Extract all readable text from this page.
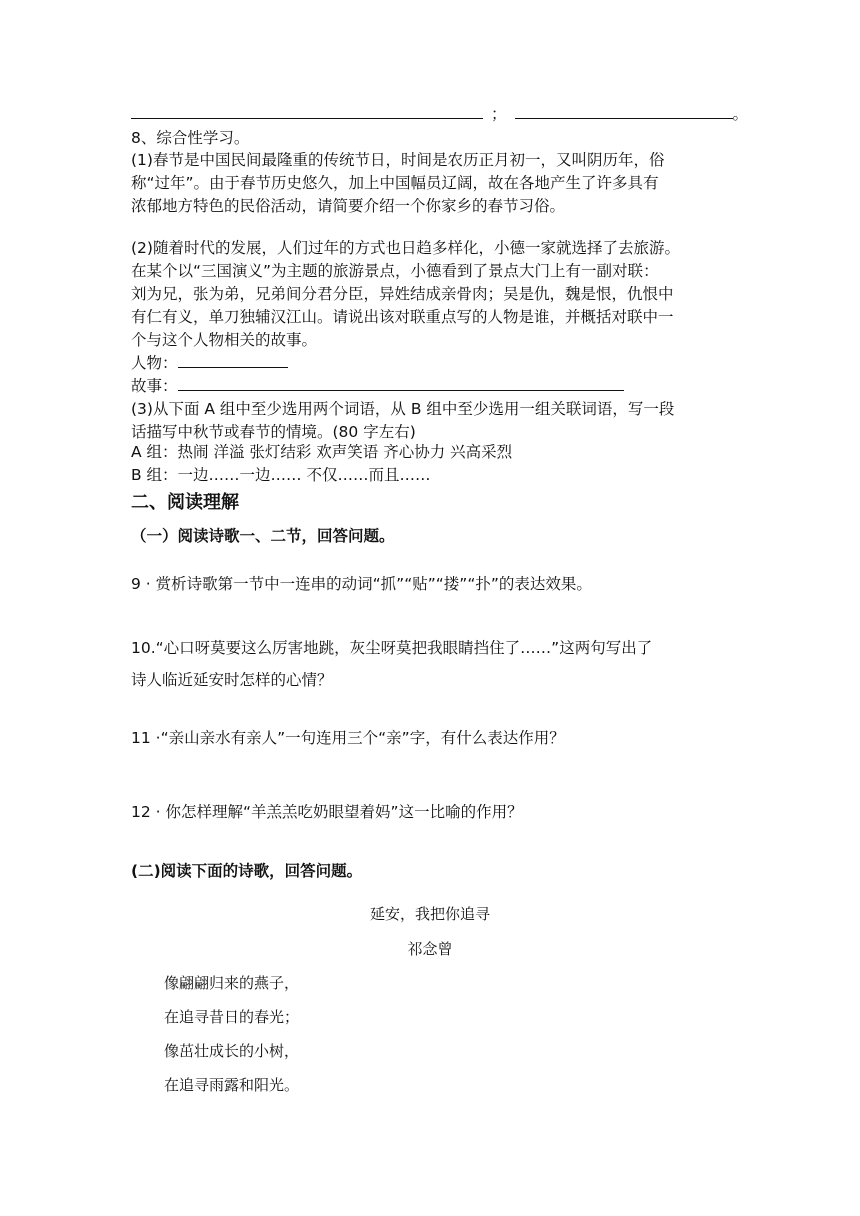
；	。
8、综合性学习。
(1)春节是中国民间最隆重的传统节日，时间是农历正月初一，又叫阴历年，俗
称“过年”。由于春节历史悠久，加上中国幅员辽阔，故在各地产生了许多具有
浓郁地方特色的民俗活动，请简要介绍一个你家乡的春节习俗。
(2)随着时代的发展，人们过年的方式也日趋多样化，小德一家就选择了去旅游。
在某个以“三国演义”为主题的旅游景点，小德看到了景点大门上有一副对联：
刘为兄，张为弟，兄弟间分君分臣，异姓结成亲骨肉；吴是仇，魏是恨，仇恨中
有仁有义，单刀独辅汉江山。请说出该对联重点写的人物是谁，并概括对联中一
个与这个人物相关的故事。
人物：
故事：
(3)从下面 A 组中至少选用两个词语，从 B 组中至少选用一组关联词语，写一段
话描写中秋节或春节的情境。(80 字左右)
A 组：热闹 洋溢 张灯结彩 欢声笑语 齐心协力 兴高采烈
B 组：一边……一边…… 不仅……而且……
二、阅读理解
（一）阅读诗歌一、二节，回答问题。
9 · 赏析诗歌第一节中一连串的动词“抓”“贴”“搂”“扑”的表达效果。
10.“心口呀莫要这么厉害地跳，灰尘呀莫把我眼睛挡住了……”这两句写出了
诗人临近延安时怎样的心情？
11 ·“亲山亲水有亲人”一句连用三个“亲”字，有什么表达作用？
12 · 你怎样理解“羊羔羔吃奶眼望着妈”这一比喻的作用？
(二)阅读下面的诗歌，回答问题。
延安，我把你追寻
祁念曾
像翩翩归来的燕子，
在追寻昔日的春光；
像茁壮成长的小树，
在追寻雨露和阳光。
